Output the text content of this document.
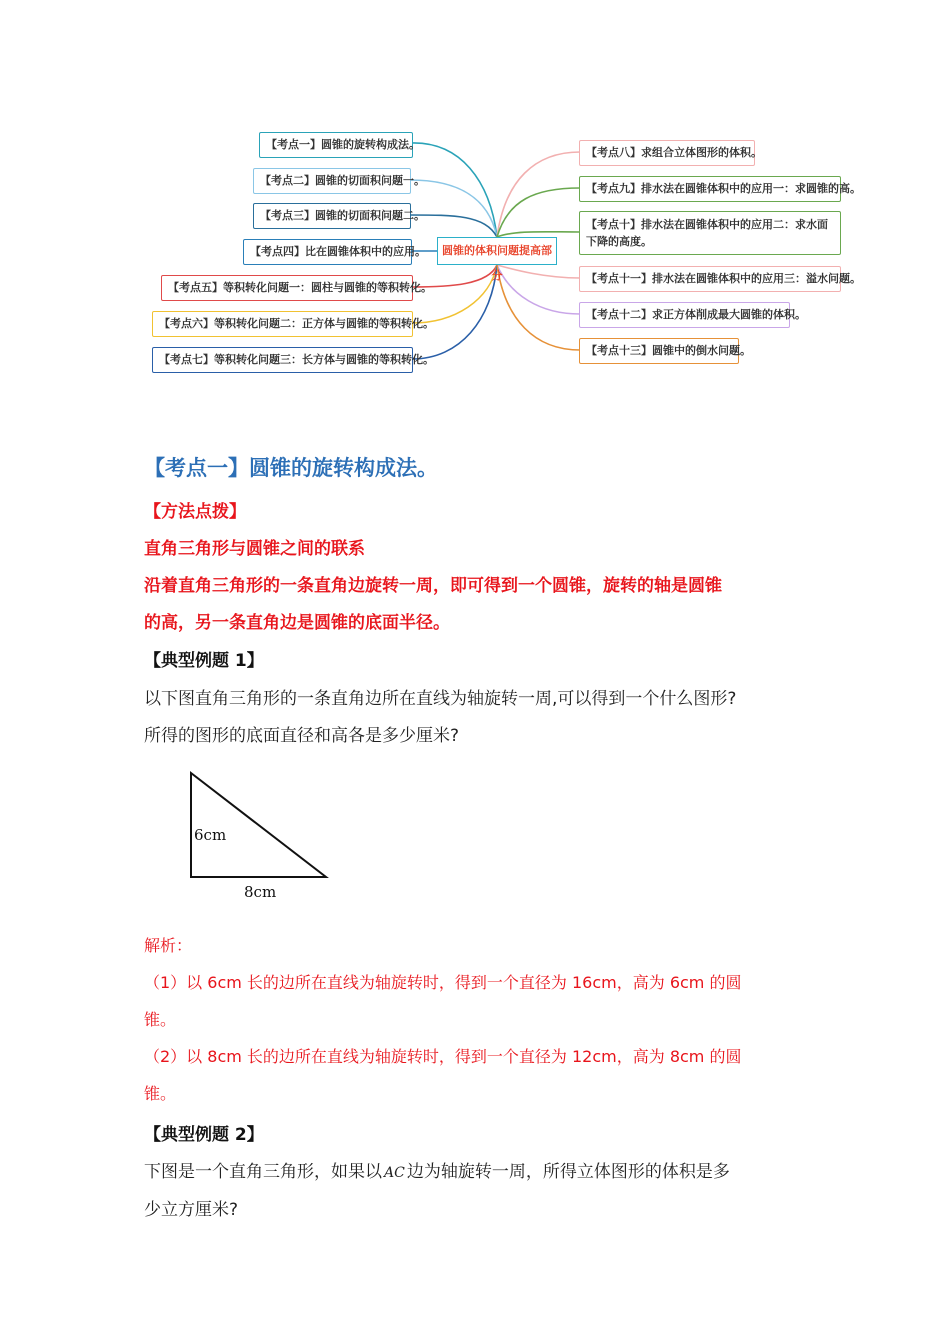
圆锥的体积问题提高部分
【考点一】圆锥的旋转构成法。
【考点二】圆锥的切面积问题一。
【考点三】圆锥的切面积问题二。
【考点四】比在圆锥体积中的应用。
【考点五】等积转化问题一：圆柱与圆锥的等积转化。
【考点六】等积转化问题二：正方体与圆锥的等积转化。
【考点七】等积转化问题三：长方体与圆锥的等积转化。
【考点八】求组合立体图形的体积。
【考点九】排水法在圆锥体积中的应用一：求圆锥的高。
【考点十】排水法在圆锥体积中的应用二：求水面下降的高度。
【考点十一】排水法在圆锥体积中的应用三：溢水问题。
【考点十二】求正方体削成最大圆锥的体积。
【考点十三】圆锥中的倒水问题。
【考点一】圆锥的旋转构成法。
【方法点拨】
直角三角形与圆锥之间的联系
沿着直角三角形的一条直角边旋转一周，即可得到一个圆锥，旋转的轴是圆锥
的高，另一条直角边是圆锥的底面半径。
【典型例题 1】
以下图直角三角形的一条直角边所在直线为轴旋转一周,可以得到一个什么图形?
所得的图形的底面直径和高各是多少厘米?
6cm
8cm
解析：
（1）以 6cm 长的边所在直线为轴旋转时，得到一个直径为 16cm，高为 6cm 的圆
锥。
（2）以 8cm 长的边所在直线为轴旋转时，得到一个直径为 12cm，高为 8cm 的圆
锥。
【典型例题 2】
下图是一个直角三角形，如果以 AC 边为轴旋转一周，所得立体图形的体积是多
少立方厘米?
